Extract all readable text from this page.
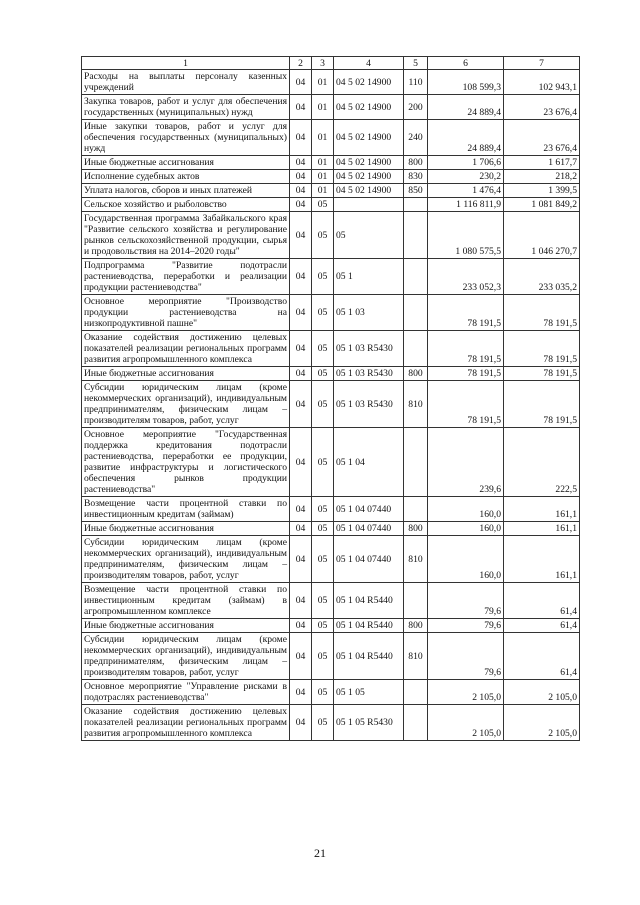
1	2	3	4	5	6	7
Расходы на выплаты персоналу казенных учреждений	04	01	04 5 02 14900	110	108 599,3	102 943,1
Закупка товаров, работ и услуг для обеспечения государственных (муниципальных) нужд	04	01	04 5 02 14900	200	24 889,4	23 676,4
Иные закупки товаров, работ и услуг для обеспечения государственных (муниципальных) нужд	04	01	04 5 02 14900	240	24 889,4	23 676,4
Иные бюджетные ассигнования	04	01	04 5 02 14900	800	1 706,6	1 617,7
Исполнение судебных актов	04	01	04 5 02 14900	830	230,2	218,2
Уплата налогов, сборов и иных платежей	04	01	04 5 02 14900	850	1 476,4	1 399,5
Сельское хозяйство и рыболовство	04	05			1 116 811,9	1 081 849,2
Государственная программа Забайкальского края "Развитие сельского хозяйства и регулирование рынков сельскохозяйственной продукции, сырья и продовольствия на 2014–2020 годы"	04	05	05		1 080 575,5	1 046 270,7
Подпрограмма "Развитие подотрасли растениеводства, переработки и реализации продукции растениеводства"	04	05	05 1		233 052,3	233 035,2
Основное мероприятие "Производство продукции растениеводства на низкопродуктивной пашне"	04	05	05 1 03		78 191,5	78 191,5
Оказание содействия достижению целевых показателей реализации региональных программ развития агропромышленного комплекса	04	05	05 1 03 R5430		78 191,5	78 191,5
Иные бюджетные ассигнования	04	05	05 1 03 R5430	800	78 191,5	78 191,5
Субсидии юридическим лицам (кроме некоммерческих организаций), индивидуальным предпринимателям, физическим лицам – производителям товаров, работ, услуг	04	05	05 1 03 R5430	810	78 191,5	78 191,5
Основное мероприятие "Государственная поддержка кредитования подотрасли растениеводства, переработки ее продукции, развитие инфраструктуры и логистического обеспечения рынков продукции растениеводства"	04	05	05 1 04		239,6	222,5
Возмещение части процентной ставки по инвестиционным кредитам (займам)	04	05	05 1 04 07440		160,0	161,1
Иные бюджетные ассигнования	04	05	05 1 04 07440	800	160,0	161,1
Субсидии юридическим лицам (кроме некоммерческих организаций), индивидуальным предпринимателям, физическим лицам – производителям товаров, работ, услуг	04	05	05 1 04 07440	810	160,0	161,1
Возмещение части процентной ставки по инвестиционным кредитам (займам) в агропромышленном комплексе	04	05	05 1 04 R5440		79,6	61,4
Иные бюджетные ассигнования	04	05	05 1 04 R5440	800	79,6	61,4
Субсидии юридическим лицам (кроме некоммерческих организаций), индивидуальным предпринимателям, физическим лицам – производителям товаров, работ, услуг	04	05	05 1 04 R5440	810	79,6	61,4
Основное мероприятие "Управление рисками в подотраслях растениеводства"	04	05	05 1 05		2 105,0	2 105,0
Оказание содействия достижению целевых показателей реализации региональных программ развития агропромышленного комплекса	04	05	05 1 05 R5430		2 105,0	2 105,0
21
